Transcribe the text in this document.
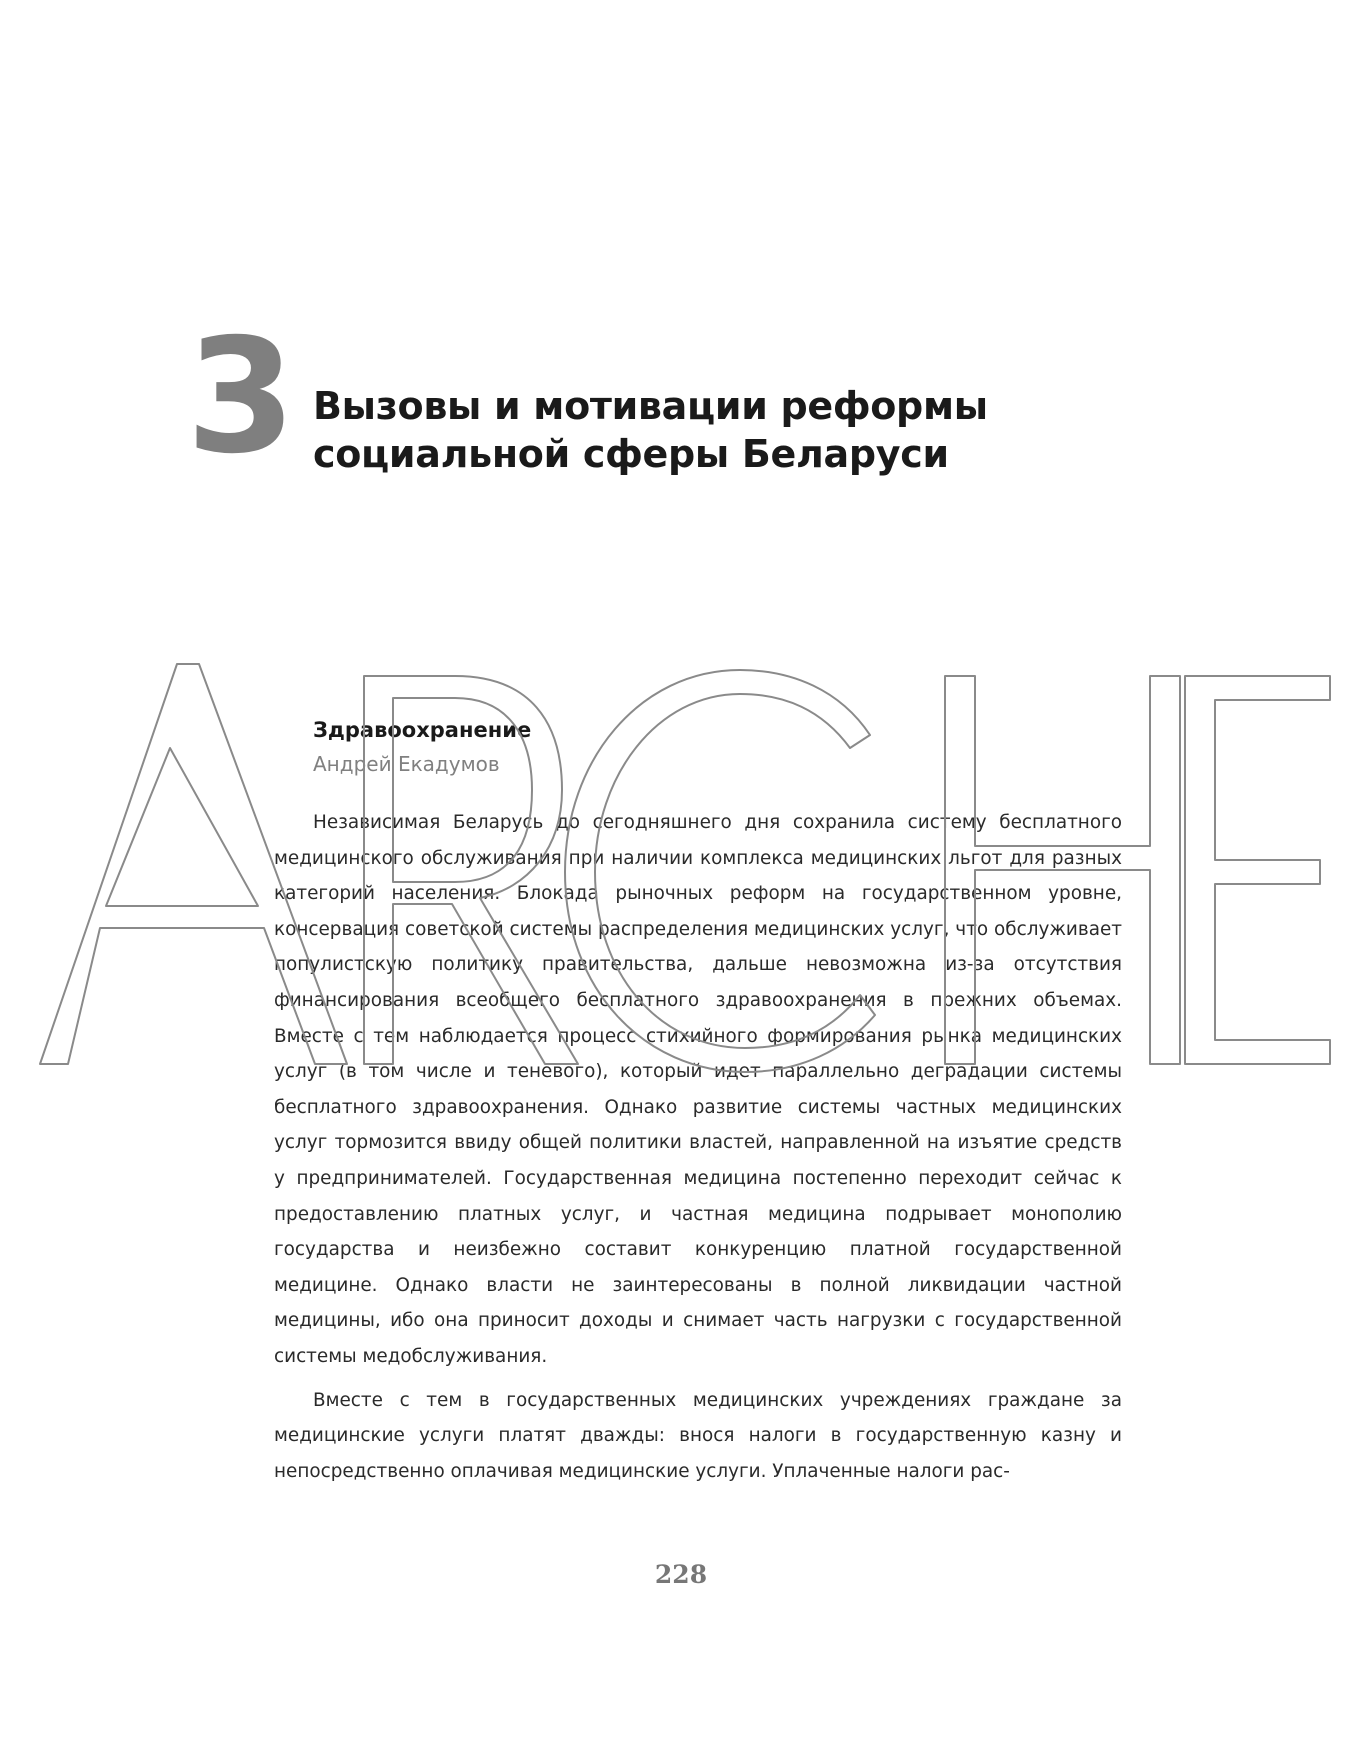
3 Вызовы и мотивации реформы
социальной сферы Беларуси
Здравоохранение
Андрей Екадумов

Независимая Беларусь до сегодняшнего дня сохранила систему бесплатного медицинского обслуживания при наличии комплекса медицинских льгот для разных категорий населения. Блокада рыночных реформ на государственном уровне, консервация советской системы распределения медицинских услуг, что обслуживает популистскую политику правительства, дальше невозможна из-за отсутствия финансирования всеобщего бесплатного здравоохранения в прежних объемах. Вместе с тем наблюдается процесс стихийного формирования рынка медицинских услуг (в том числе и теневого), который идет параллельно деградации системы бесплатного здравоохранения. Однако развитие системы частных медицинских услуг тормозится ввиду общей политики властей, направленной на изъятие средств у предпринимателей. Государственная медицина постепенно переходит сейчас к предоставлению платных услуг, и частная медицина подрывает монополию государства и неизбежно составит конкуренцию платной государственной медицине. Однако власти не заинтересованы в полной ликвидации частной медицины, ибо она приносит доходы и снимает часть нагрузки с государственной системы медобслуживания.

Вместе с тем в государственных медицинских учреждениях граждане за медицинские услуги платят дважды: внося налоги в государственную казну и непосредственно оплачивая медицинские услуги. Уплаченные налоги рас-

228
